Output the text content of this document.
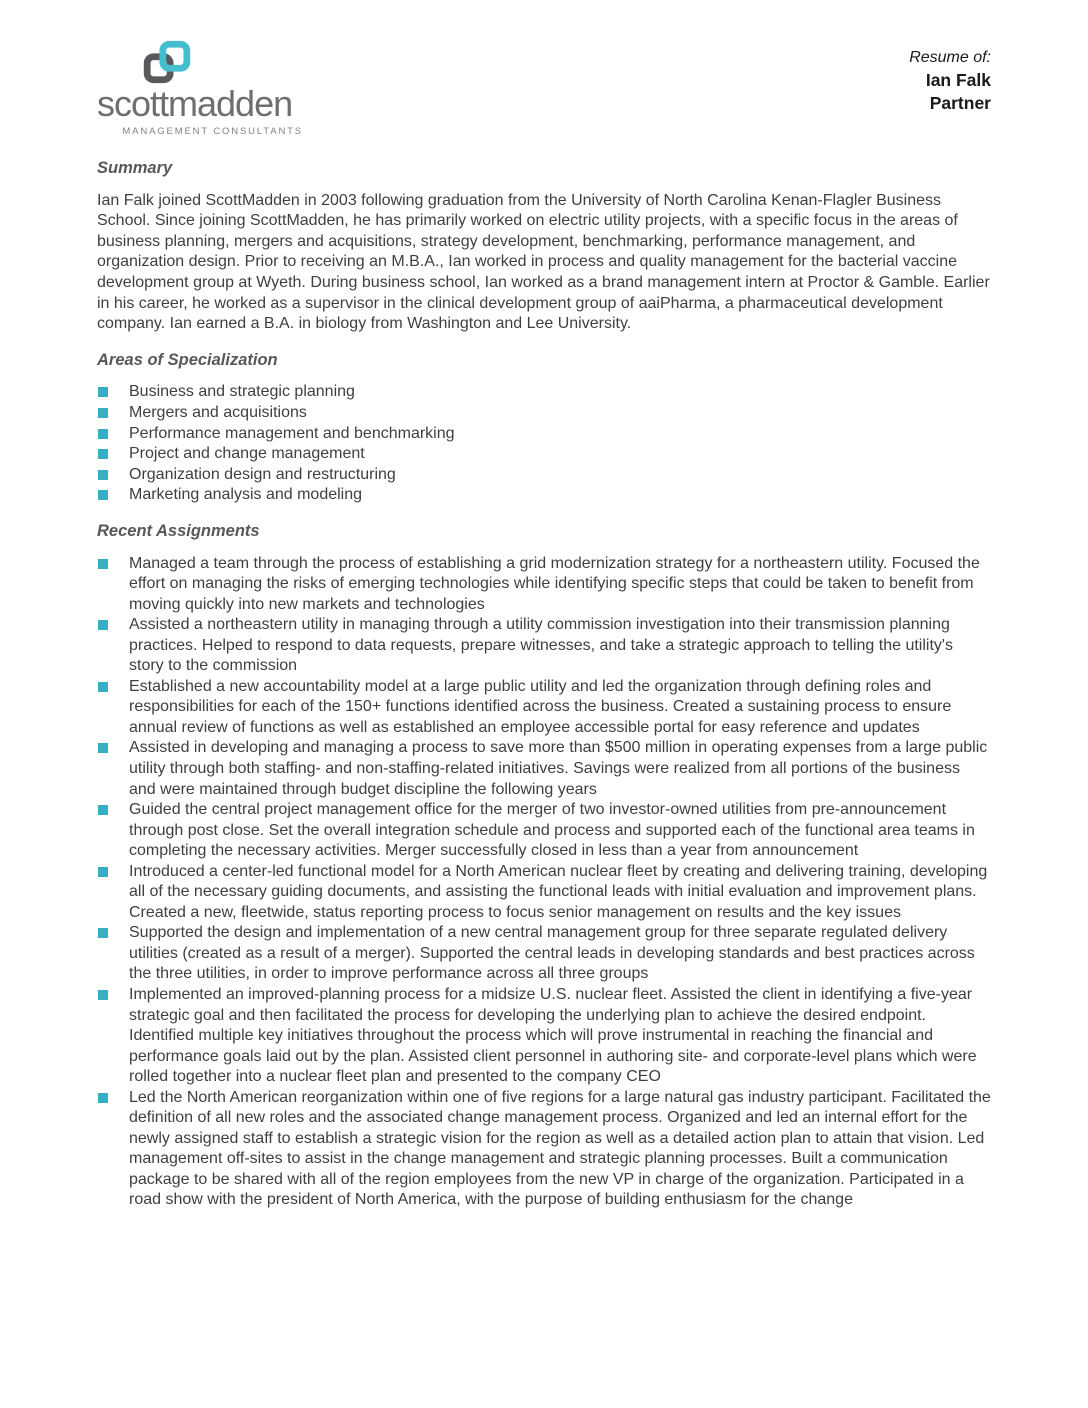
scottmadden
MANAGEMENT CONSULTANTS
Resume of:
Ian Falk
Partner
Summary

Ian Falk joined ScottMadden in 2003 following graduation from the University of North Carolina Kenan-Flagler Business School. Since joining ScottMadden, he has primarily worked on electric utility projects, with a specific focus in the areas of business planning, mergers and acquisitions, strategy development, benchmarking, performance management, and organization design. Prior to receiving an M.B.A., Ian worked in process and quality management for the bacterial vaccine development group at Wyeth. During business school, Ian worked as a brand management intern at Proctor & Gamble. Earlier in his career, he worked as a supervisor in the clinical development group of aaiPharma, a pharmaceutical development company. Ian earned a B.A. in biology from Washington and Lee University.

Areas of Specialization
Business and strategic planning
Mergers and acquisitions
Performance management and benchmarking
Project and change management
Organization design and restructuring
Marketing analysis and modeling
Recent Assignments
Managed a team through the process of establishing a grid modernization strategy for a northeastern utility. Focused the effort on managing the risks of emerging technologies while identifying specific steps that could be taken to benefit from moving quickly into new markets and technologies
Assisted a northeastern utility in managing through a utility commission investigation into their transmission planning practices. Helped to respond to data requests, prepare witnesses, and take a strategic approach to telling the utility's story to the commission
Established a new accountability model at a large public utility and led the organization through defining roles and responsibilities for each of the 150+ functions identified across the business. Created a sustaining process to ensure annual review of functions as well as established an employee accessible portal for easy reference and updates
Assisted in developing and managing a process to save more than $500 million in operating expenses from a large public utility through both staffing- and non-staffing-related initiatives. Savings were realized from all portions of the business and were maintained through budget discipline the following years
Guided the central project management office for the merger of two investor-owned utilities from pre-announcement through post close. Set the overall integration schedule and process and supported each of the functional area teams in completing the necessary activities. Merger successfully closed in less than a year from announcement
Introduced a center-led functional model for a North American nuclear fleet by creating and delivering training, developing all of the necessary guiding documents, and assisting the functional leads with initial evaluation and improvement plans. Created a new, fleetwide, status reporting process to focus senior management on results and the key issues
Supported the design and implementation of a new central management group for three separate regulated delivery utilities (created as a result of a merger). Supported the central leads in developing standards and best practices across the three utilities, in order to improve performance across all three groups
Implemented an improved-planning process for a midsize U.S. nuclear fleet. Assisted the client in identifying a five-year strategic goal and then facilitated the process for developing the underlying plan to achieve the desired endpoint. Identified multiple key initiatives throughout the process which will prove instrumental in reaching the financial and performance goals laid out by the plan. Assisted client personnel in authoring site- and corporate-level plans which were rolled together into a nuclear fleet plan and presented to the company CEO
Led the North American reorganization within one of five regions for a large natural gas industry participant. Facilitated the definition of all new roles and the associated change management process. Organized and led an internal effort for the newly assigned staff to establish a strategic vision for the region as well as a detailed action plan to attain that vision. Led management off-sites to assist in the change management and strategic planning processes. Built a communication package to be shared with all of the region employees from the new VP in charge of the organization. Participated in a road show with the president of North America, with the purpose of building enthusiasm for the change
